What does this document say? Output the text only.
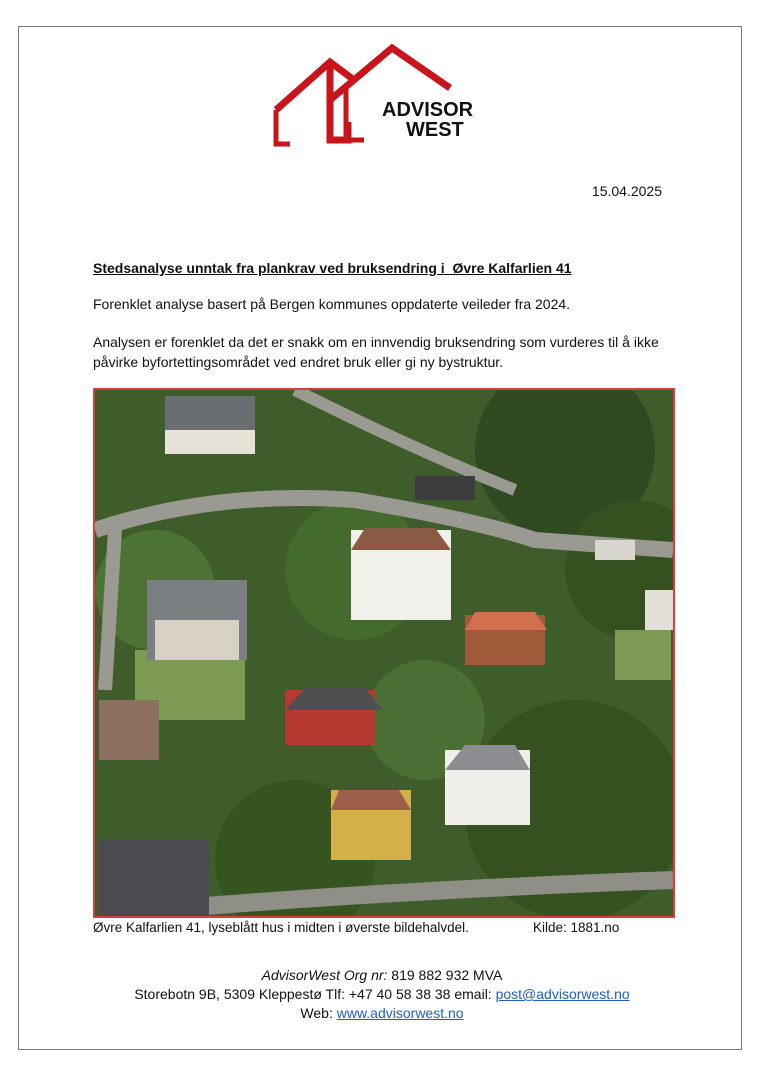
ADVISOR
WEST
15.04.2025
Stedsanalyse unntak fra plankrav ved bruksendring i  Øvre Kalfarlien 41
Forenklet analyse basert på Bergen kommunes oppdaterte veileder fra 2024.
Analysen er forenklet da det er snakk om en innvendig bruksendring som vurderes til å ikke påvirke byfortettingsområdet ved endret bruk eller gi ny bystruktur.
Øvre Kalfarlien 41, lyseblått hus i midten i øverste bildehalvdel.	Kilde: 1881.no
AdvisorWest Org nr: 819 882 932 MVA
Storebotn 9B, 5309 Kleppestø Tlf: +47 40 58 38 38 email: post@advisorwest.no
Web: www.advisorwest.no
